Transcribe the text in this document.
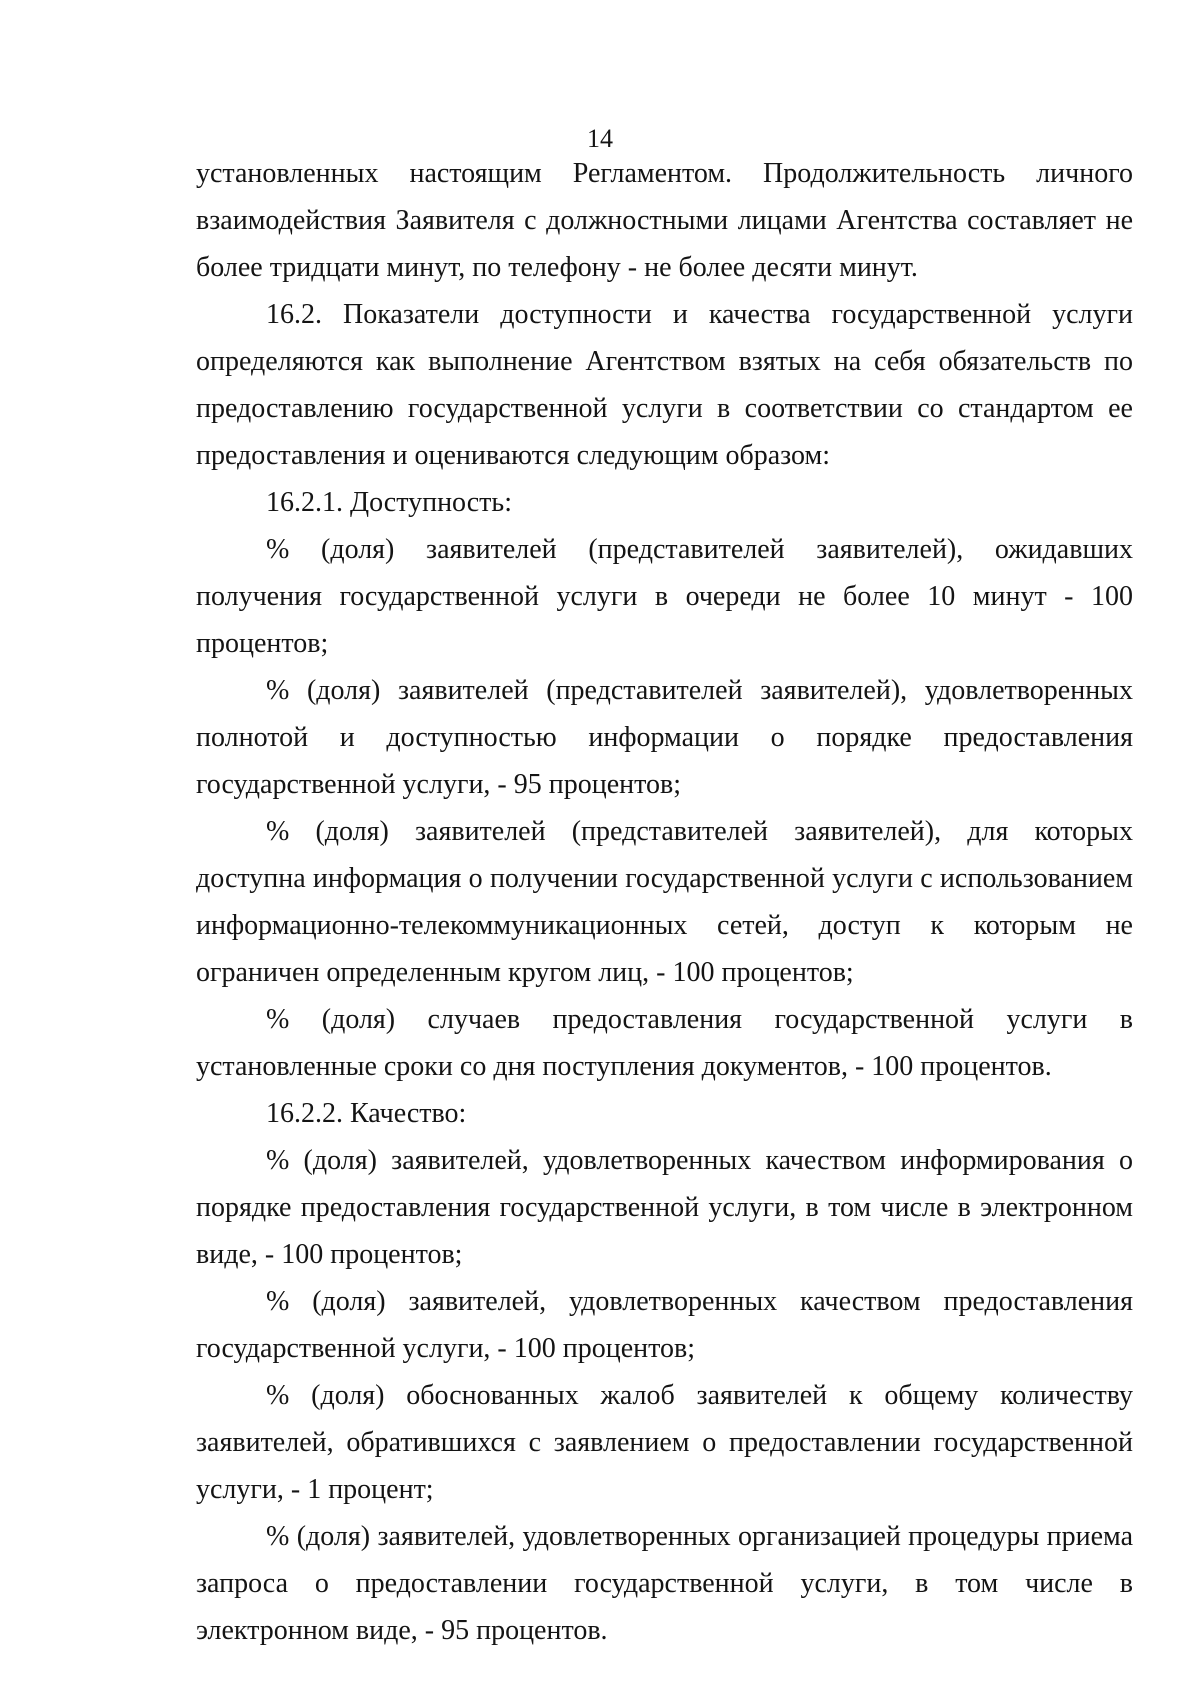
14

установленных настоящим Регламентом. Продолжительность личного взаимодействия Заявителя с должностными лицами Агентства составляет не более тридцати минут, по телефону - не более десяти минут.

16.2. Показатели доступности и качества государственной услуги определяются как выполнение Агентством взятых на себя обязательств по предоставлению государственной услуги в соответствии со стандартом ее предоставления и оцениваются следующим образом:

16.2.1. Доступность:

% (доля) заявителей (представителей заявителей), ожидавших получения государственной услуги в очереди не более 10 минут - 100 процентов;

% (доля) заявителей (представителей заявителей), удовлетворенных полнотой и доступностью информации о порядке предоставления государственной услуги, - 95 процентов;

% (доля) заявителей (представителей заявителей), для которых доступна информация о получении государственной услуги с использованием информационно-телекоммуникационных сетей, доступ к которым не ограничен определенным кругом лиц, - 100 процентов;

% (доля) случаев предоставления государственной услуги в установленные сроки со дня поступления документов, - 100 процентов.

16.2.2. Качество:

% (доля) заявителей, удовлетворенных качеством информирования о порядке предоставления государственной услуги, в том числе в электронном виде, - 100 процентов;

% (доля) заявителей, удовлетворенных качеством предоставления государственной услуги, - 100 процентов;

% (доля) обоснованных жалоб заявителей к общему количеству заявителей, обратившихся с заявлением о предоставлении государственной услуги, - 1 процент;

% (доля) заявителей, удовлетворенных организацией процедуры приема запроса о предоставлении государственной услуги, в том числе в электронном виде, - 95 процентов.
